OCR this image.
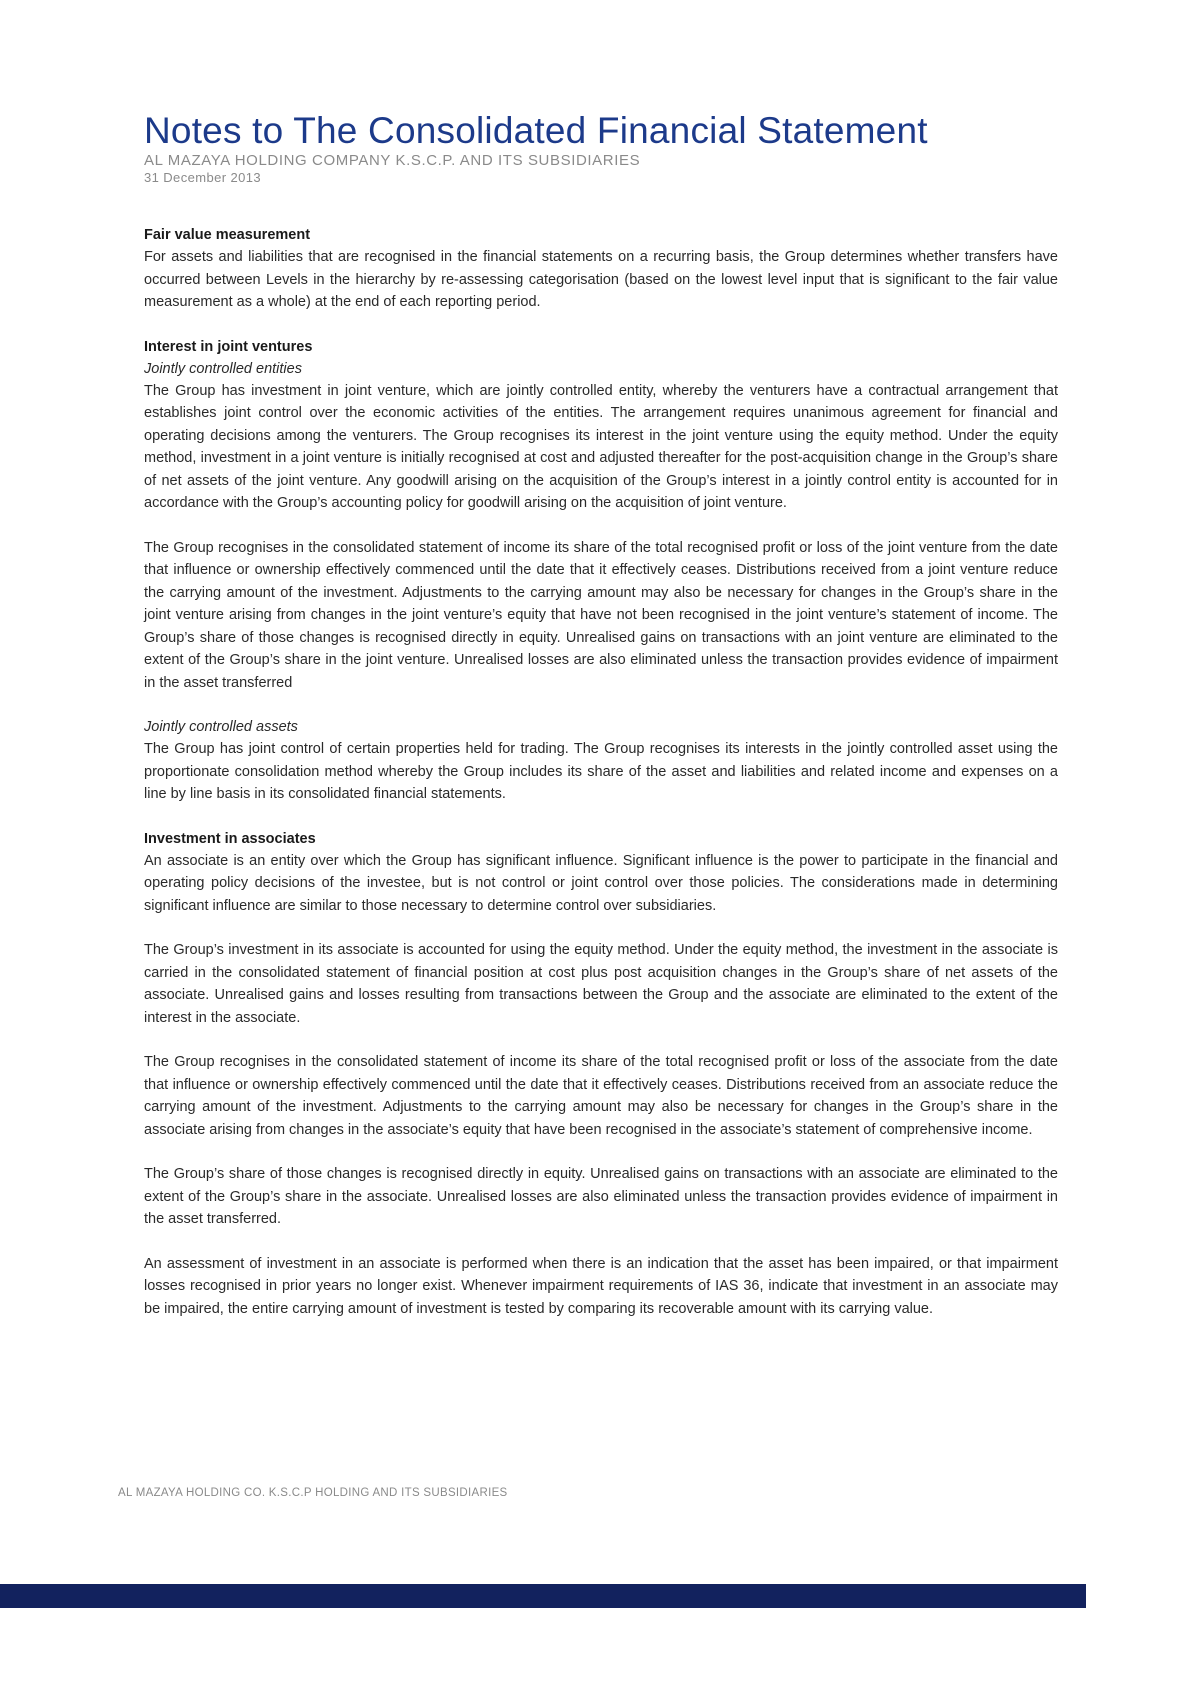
Notes to The Consolidated Financial Statement
AL MAZAYA HOLDING COMPANY K.S.C.P. AND ITS SUBSIDIARIES
31 December 2013
Fair value measurement

For assets and liabilities that are recognised in the financial statements on a recurring basis, the Group determines whether transfers have occurred between Levels in the hierarchy by re-assessing categorisation (based on the lowest level input that is significant to the fair value measurement as a whole) at the end of each reporting period.

Interest in joint ventures
Jointly controlled entities

The Group has investment in joint venture, which are jointly controlled entity, whereby the venturers have a contractual arrangement that establishes joint control over the economic activities of the entities. The arrangement requires unanimous agreement for financial and operating decisions among the venturers. The Group recognises its interest in the joint venture using the equity method. Under the equity method, investment in a joint venture is initially recognised at cost and adjusted thereafter for the post-acquisition change in the Group’s share of net assets of the joint venture. Any goodwill arising on the acquisition of the Group’s interest in a jointly control entity is accounted for in accordance with the Group’s accounting policy for goodwill arising on the acquisition of joint venture.

The Group recognises in the consolidated statement of income its share of the total recognised profit or loss of the joint venture from the date that influence or ownership effectively commenced until the date that it effectively ceases. Distributions received from a joint venture reduce the carrying amount of the investment. Adjustments to the carrying amount may also be necessary for changes in the Group’s share in the joint venture arising from changes in the joint venture’s equity that have not been recognised in the joint venture’s statement of income. The Group’s share of those changes is recognised directly in equity. Unrealised gains on transactions with an joint venture are eliminated to the extent of the Group’s share in the joint venture. Unrealised losses are also eliminated unless the transaction provides evidence of impairment in the asset transferred

Jointly controlled assets

The Group has joint control of certain properties held for trading. The Group recognises its interests in the jointly controlled asset using the proportionate consolidation method whereby the Group includes its share of the asset and liabilities and related income and expenses on a line by line basis in its consolidated financial statements.

Investment in associates

An associate is an entity over which the Group has significant influence. Significant influence is the power to participate in the financial and operating policy decisions of the investee, but is not control or joint control over those policies. The considerations made in determining significant influence are similar to those necessary to determine control over subsidiaries.

The Group’s investment in its associate is accounted for using the equity method. Under the equity method, the investment in the associate is carried in the consolidated statement of financial position at cost plus post acquisition changes in the Group’s share of net assets of the associate. Unrealised gains and losses resulting from transactions between the Group and the associate are eliminated to the extent of the interest in the associate.

The Group recognises in the consolidated statement of income its share of the total recognised profit or loss of the associate from the date that influence or ownership effectively commenced until the date that it effectively ceases. Distributions received from an associate reduce the carrying amount of the investment. Adjustments to the carrying amount may also be necessary for changes in the Group’s share in the associate arising from changes in the associate’s equity that have been recognised in the associate’s statement of comprehensive income.

The Group’s share of those changes is recognised directly in equity. Unrealised gains on transactions with an associate are eliminated to the extent of the Group’s share in the associate. Unrealised losses are also eliminated unless the transaction provides evidence of impairment in the asset transferred.

An assessment of investment in an associate is performed when there is an indication that the asset has been impaired, or that impairment losses recognised in prior years no longer exist. Whenever impairment requirements of IAS 36, indicate that investment in an associate may be impaired, the entire carrying amount of investment is tested by comparing its recoverable amount with its carrying value.

AL MAZAYA HOLDING CO. K.S.C.P HOLDING AND ITS SUBSIDIARIES
